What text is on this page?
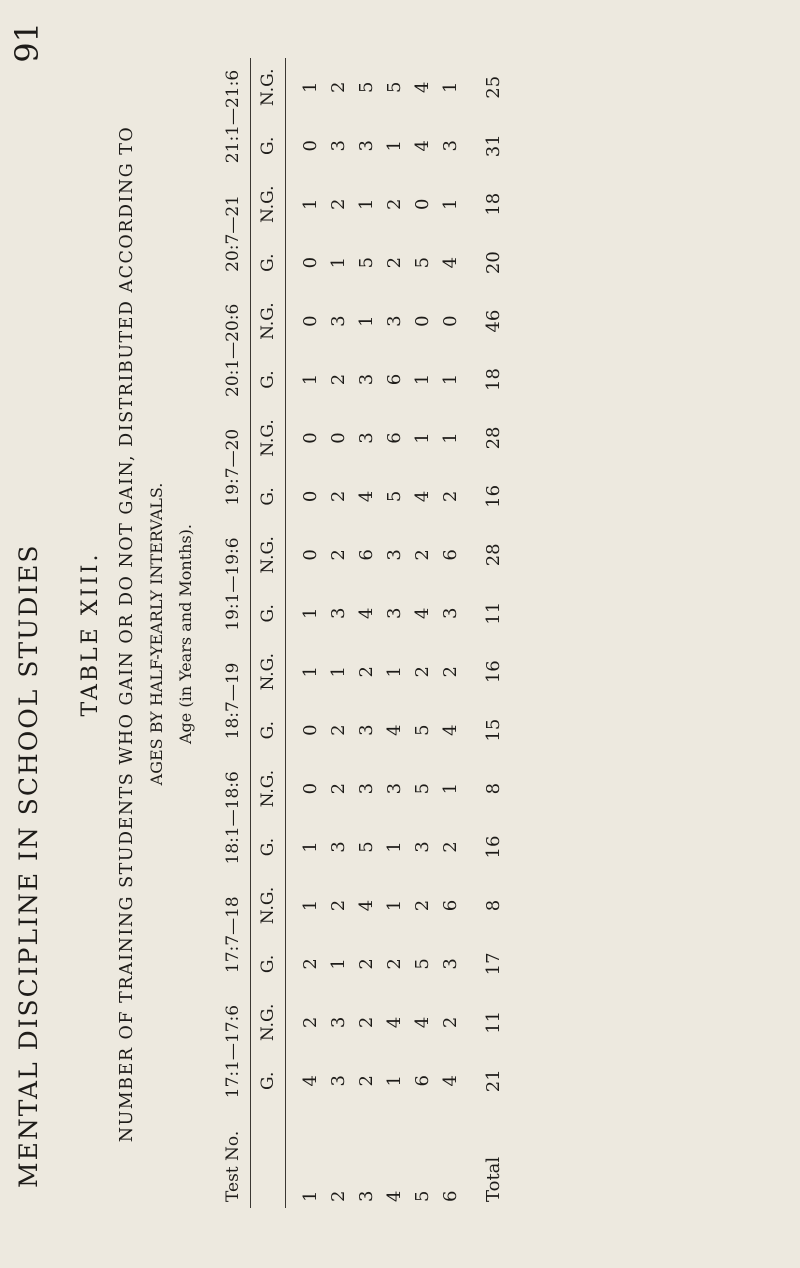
MENTAL DISCIPLINE IN SCHOOL STUDIES
91
TABLE XIII. NUMBER OF TRAINING STUDENTS WHO GAIN OR DO NOT GAIN, DISTRIBUTED ACCORDING TO AGES BY HALF-YEARLY INTERVALS. Age (in Years and Months).
Test No.	17:1—17:6		17:7—18		18:1—18:6		18:7—19		19:1—19:6		19:7—20		20:1—20:6		20:7—21		21:1—21:6	
	G.	N.G.	G.	N.G.	G.	N.G.	G.	N.G.	G.	N.G.	G.	N.G.	G.	N.G.	G.	N.G.	G.	N.G.
1	4	2	2	1	1	0	0	1	1	0	0	0	1	0	0	1	0	1
2	3	3	1	2	3	2	2	1	3	2	2	0	2	3	1	2	3	2
3	2	2	2	4	5	3	3	2	4	6	4	3	3	1	5	1	3	5
4	1	4	2	1	1	3	4	1	3	3	5	6	6	3	2	2	1	5
5	6	4	5	2	3	5	5	2	4	2	4	1	1	0	5	0	4	4
6	4	2	3	6	2	1	4	2	3	6	2	1	1	0	4	1	3	1
Total	21	11	17	8	16	8	15	16	11	28	16	28	18	46	20	18	31	25
